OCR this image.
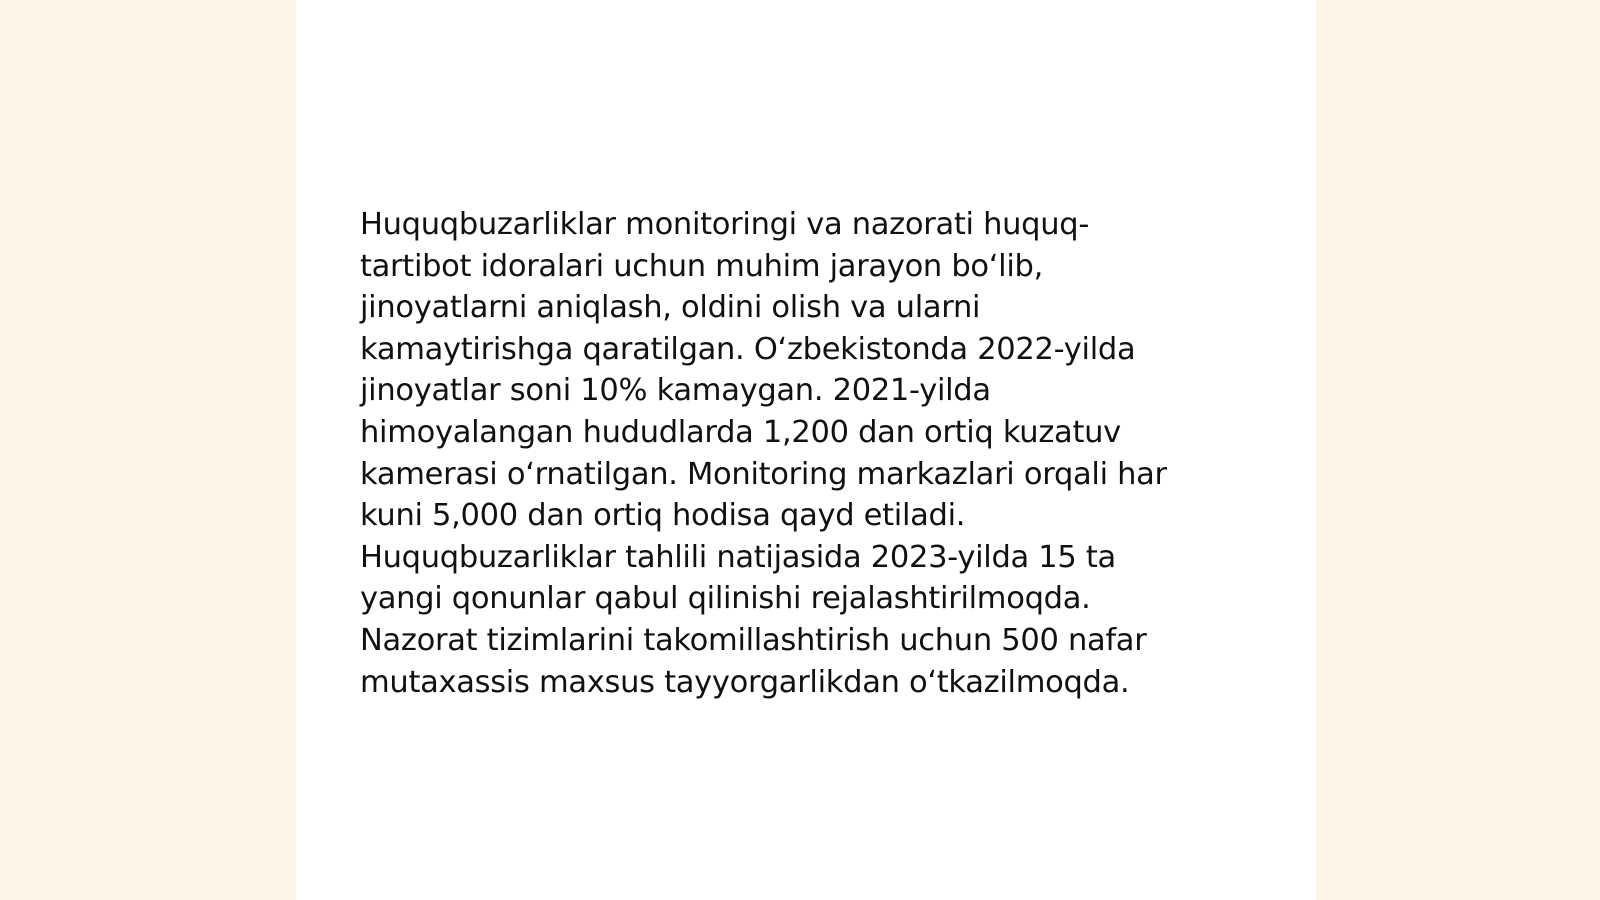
Huquqbuzarliklar monitoringi va nazorati huquq-
tartibot idoralari uchun muhim jarayon boʻlib,
jinoyatlarni aniqlash, oldini olish va ularni
kamaytirishga qaratilgan. Oʻzbekistonda 2022-yilda
jinoyatlar soni 10% kamaygan. 2021-yilda
himoyalangan hududlarda 1,200 dan ortiq kuzatuv
kamerasi oʻrnatilgan. Monitoring markazlari orqali har
kuni 5,000 dan ortiq hodisa qayd etiladi.
Huquqbuzarliklar tahlili natijasida 2023-yilda 15 ta
yangi qonunlar qabul qilinishi rejalashtirilmoqda.
Nazorat tizimlarini takomillashtirish uchun 500 nafar
mutaxassis maxsus tayyorgarlikdan oʻtkazilmoqda.
